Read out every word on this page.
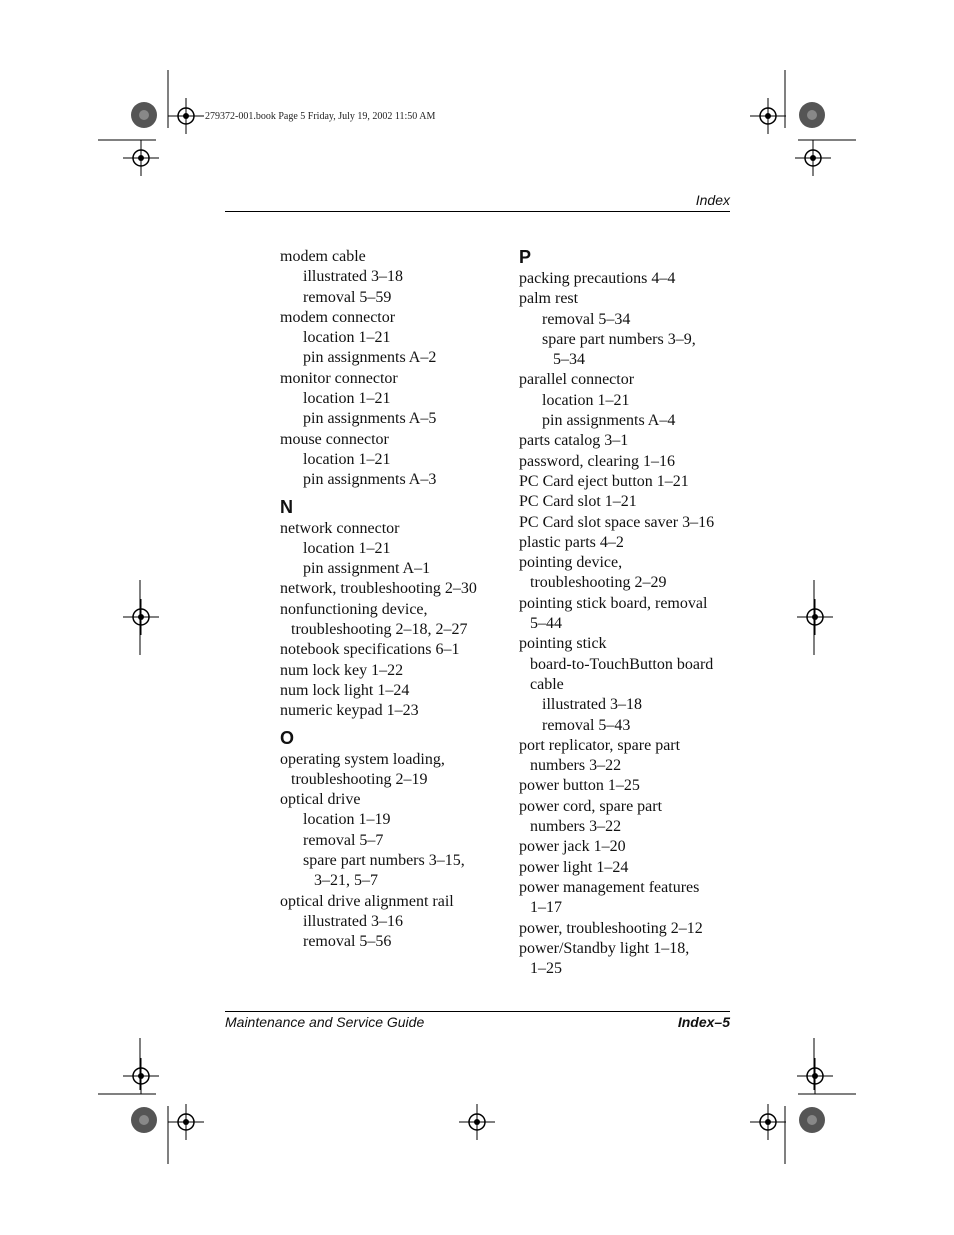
279372-001.book Page 5 Friday, July 19, 2002 11:50 AM
Index
modem cable
illustrated 3–18
removal 5–59
modem connector
location 1–21
pin assignments A–2
monitor connector
location 1–21
pin assignments A–5
mouse connector
location 1–21
pin assignments A–3
N
network connector
location 1–21
pin assignment A–1
network, troubleshooting 2–30
nonfunctioning device,
troubleshooting 2–18, 2–27
notebook specifications 6–1
num lock key 1–22
num lock light 1–24
numeric keypad 1–23
O
operating system loading,
troubleshooting 2–19
optical drive
location 1–19
removal 5–7
spare part numbers 3–15,
3–21, 5–7
optical drive alignment rail
illustrated 3–16
removal 5–56
P
packing precautions 4–4
palm rest
removal 5–34
spare part numbers 3–9,
5–34
parallel connector
location 1–21
pin assignments A–4
parts catalog 3–1
password, clearing 1–16
PC Card eject button 1–21
PC Card slot 1–21
PC Card slot space saver 3–16
plastic parts 4–2
pointing device,
troubleshooting 2–29
pointing stick board, removal
5–44
pointing stick
board-to-TouchButton board
cable
illustrated 3–18
removal 5–43
port replicator, spare part
numbers 3–22
power button 1–25
power cord, spare part
numbers 3–22
power jack 1–20
power light 1–24
power management features
1–17
power, troubleshooting 2–12
power/Standby light 1–18,
1–25
Maintenance and Service Guide	Index–5
